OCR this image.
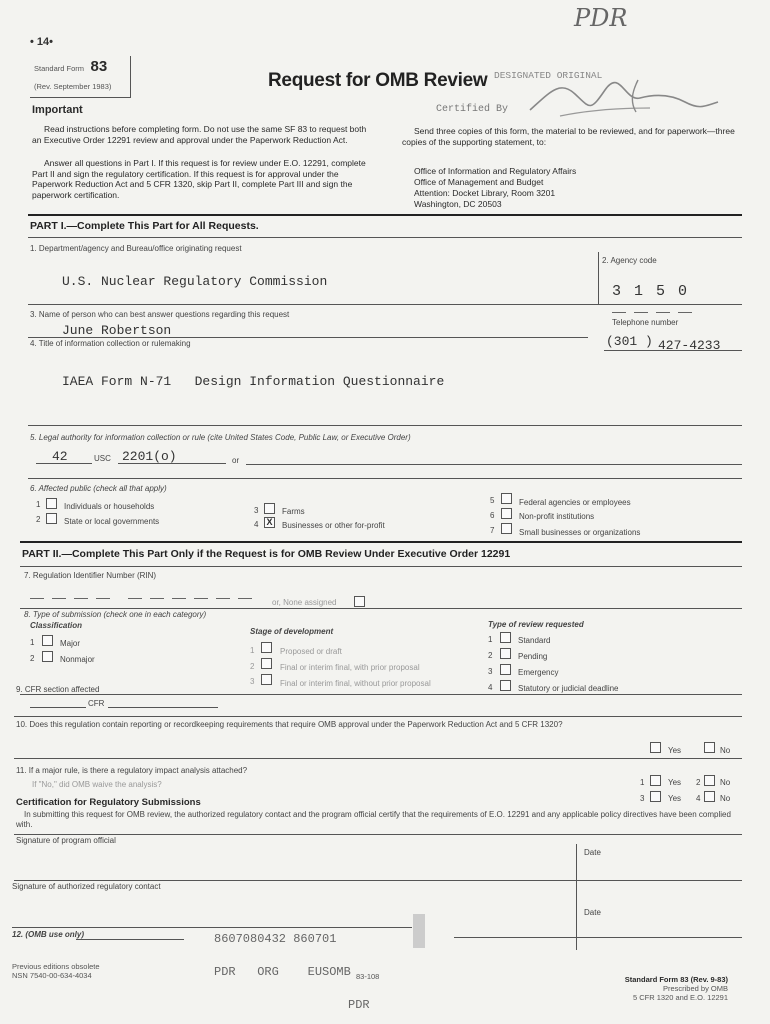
PDR
• 14•
Standard Form 83
(Rev. September 1983)	Request for OMB Review DESIGNATED ORIGINAL
Certified By
Important
Read instructions before completing form. Do not use the same SF 83 to request both an Executive Order 12291 review and approval under the Paperwork Reduction Act.
Answer all questions in Part I. If this request is for review under E.O. 12291, complete Part II and sign the regulatory certification. If this request is for approval under the Paperwork Reduction Act and 5 CFR 1320, skip Part II, complete Part III and sign the paperwork certification.
Send three copies of this form, the material to be reviewed, and for paperwork—three copies of the supporting statement, to:
Office of Information and Regulatory Affairs
Office of Management and Budget
Attention: Docket Library, Room 3201
Washington, DC 20503
PART I.—Complete This Part for All Requests.
1. Department/agency and Bureau/office originating request
U.S. Nuclear Regulatory Commission
2. Agency code
3 1 5 0
3. Name of person who can best answer questions regarding this request
June Robertson
Telephone number
(301 ) 427-4233
4. Title of information collection or rulemaking
IAEA Form N-71   Design Information Questionnaire
5. Legal authority for information collection or rule (cite United States Code, Public Law, or Executive Order)
42	USC 2201(o)	or
6. Affected public (check all that apply)
1	Individuals or households
2	State or local governments
3	Farms
4 X	Businesses or other for-profit
5	Federal agencies or employees
6	Non-profit institutions
7	Small businesses or organizations
PART II.—Complete This Part Only if the Request is for OMB Review Under Executive Order 12291
7. Regulation Identifier Number (RIN)
or, None assigned
8. Type of submission (check one in each category)
Classification
1	Major
2	Nonmajor
Stage of development
1	Proposed or draft
2	Final or interim final, with prior proposal
3	Final or interim final, without prior proposal
Type of review requested
1	Standard
2	Pending
3	Emergency
4	Statutory or judicial deadline
9. CFR section affected
CFR
10. Does this regulation contain reporting or recordkeeping requirements that require OMB approval under the Paperwork Reduction Act and 5 CFR 1320?
Yes	No
11. If a major rule, is there a regulatory impact analysis attached?
If "No," did OMB waive the analysis?	1	Yes 2 No
3	Yes 4 No
Certification for Regulatory Submissions
In submitting this request for OMB review, the authorized regulatory contact and the program official certify that the requirements of E.O. 12291 and any applicable policy directives have been complied with.
Signature of program official
Date
Signature of authorized regulatory contact
Date
12. (OMB use only)

	8607080432 860701

PDR   ORG    EUSOMB

PDR

Previous editions obsolete
NSN 7540-00-634-4034	83-108	Standard Form 83 (Rev. 9-83)
Prescribed by OMB
5 CFR 1320 and E.O. 12291
